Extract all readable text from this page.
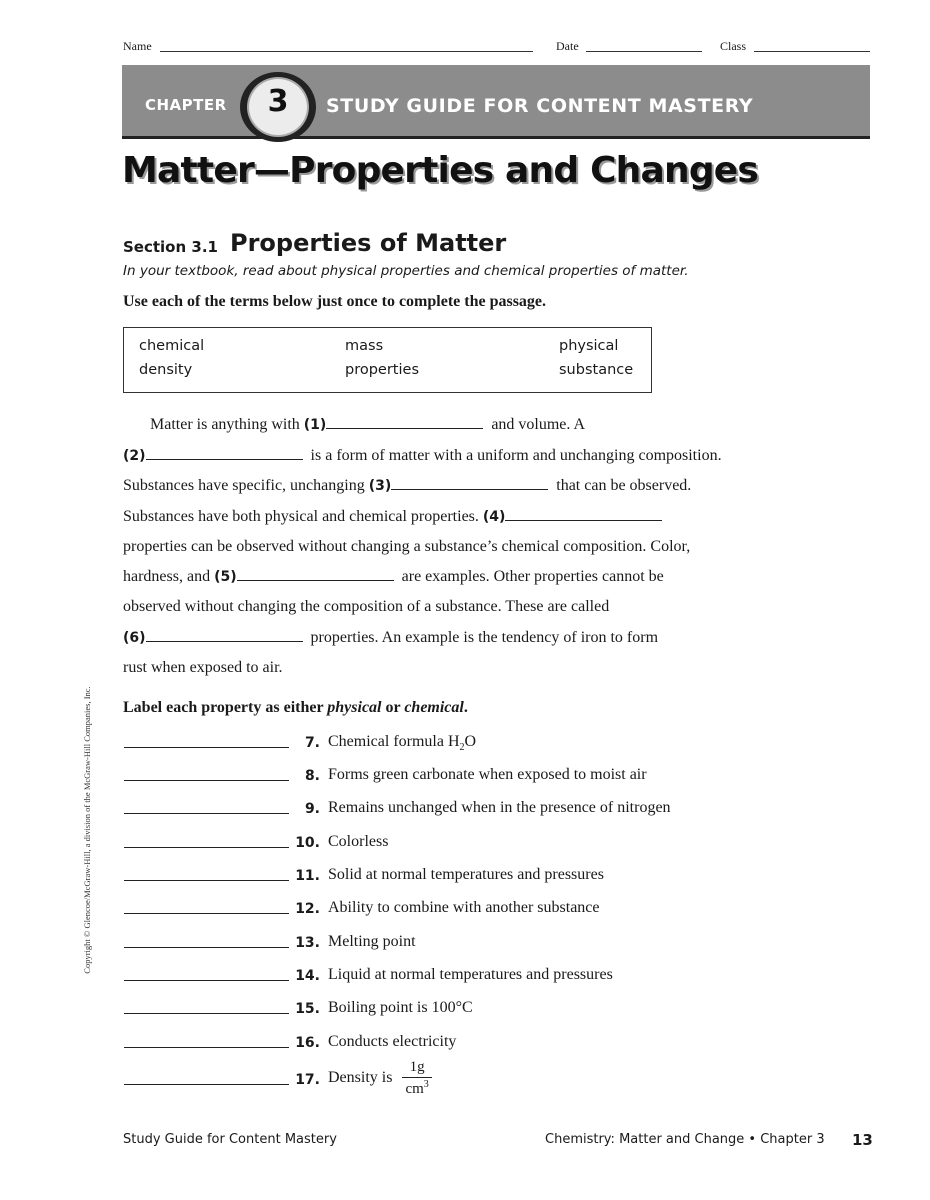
Name	Date	Class
CHAPTER	3	STUDY GUIDE FOR CONTENT MASTERY
Matter—Properties and Changes
Section 3.1 Properties of Matter
In your textbook, read about physical properties and chemical properties of matter.
Use each of the terms below just once to complete the passage.
chemical	mass	physical
density	properties	substance
Matter is anything with (1)	and volume. A
(2)	is a form of matter with a uniform and unchanging composition.
Substances have specific, unchanging (3)	that can be observed.
Substances have both physical and chemical properties. (4)
properties can be observed without changing a substance’s chemical composition. Color,
hardness, and (5)	are examples. Other properties cannot be
observed without changing the composition of a substance. These are called
(6)	properties. An example is the tendency of iron to form
rust when exposed to air.
Label each property as either physical or chemical.
7. Chemical formula $H_2O$
8. Forms green carbonate when exposed to moist air
9. Remains unchanged when in the presence of nitrogen
10. Colorless
11. Solid at normal temperatures and pressures
12. Ability to combine with another substance
13. Melting point
14. Liquid at normal temperatures and pressures
15. Boiling point is 100°C
16. Conducts electricity
17. Density is $\frac{1g}{cm^3}$
Copyright © Glencoe/McGraw-Hill, a division of the McGraw-Hill Companies, Inc.
Study Guide for Content Mastery	Chemistry: Matter and Change • Chapter 3 13
